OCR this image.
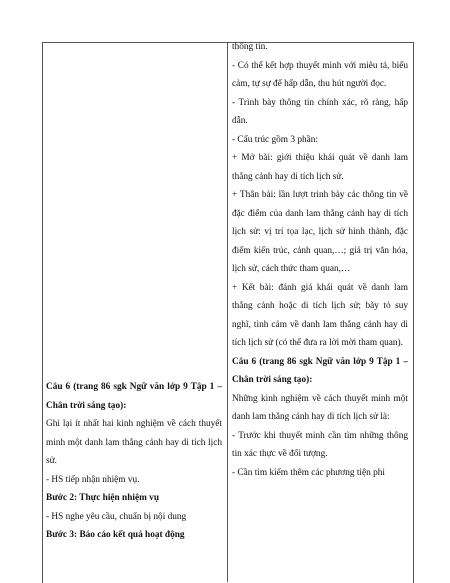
Câu 6 (trang 86 sgk Ngữ văn lớp 9 Tập 1 – Chân trời sáng tạo):

Ghi lại ít nhất hai kinh nghiệm về cách thuyết minh một danh lam thắng cảnh hay di tích lịch sử.

- HS tiếp nhận nhiệm vụ.

Bước 2: Thực hiện nhiệm vụ

- HS nghe yêu cầu, chuẩn bị nội dung

Bước 3: Báo cáo kết quả hoạt động

thông tin.

- Có thể kết hợp thuyết minh với miêu tả, biểu cảm, tự sự để hấp dẫn, thu hút người đọc.

- Trình bày thông tin chính xác, rõ ràng, hấp dẫn.

- Cấu trúc gồm 3 phần:

+ Mở bài: giới thiệu khái quát về danh lam thắng cảnh hay di tích lịch sử.

+ Thân bài: lần lượt trình bày các thông tin về đặc điểm của danh lam thắng cảnh hay di tích lịch sử: vị trí tọa lạc, lịch sử hình thành, đặc điểm kiến trúc, cảnh quan,…; giá trị văn hóa, lịch sử, cách thức tham quan,…

+ Kết bài: đánh giá khái quát về danh lam thắng cảnh hoặc di tích lịch sử; bày tỏ suy nghĩ, tình cảm về danh lam thắng cảnh hay di tích lịch sử (có thể đưa ra lời mời tham quan).

Câu 6 (trang 86 sgk Ngữ văn lớp 9 Tập 1 – Chân trời sáng tạo):

Những kinh nghiệm về cách thuyết minh một danh lam thắng cảnh hay di tích lịch sử là:

- Trước khi thuyết minh cần tìm những thông tin xác thực về đối tượng.

- Cần tìm kiếm thêm các phương tiện phi
